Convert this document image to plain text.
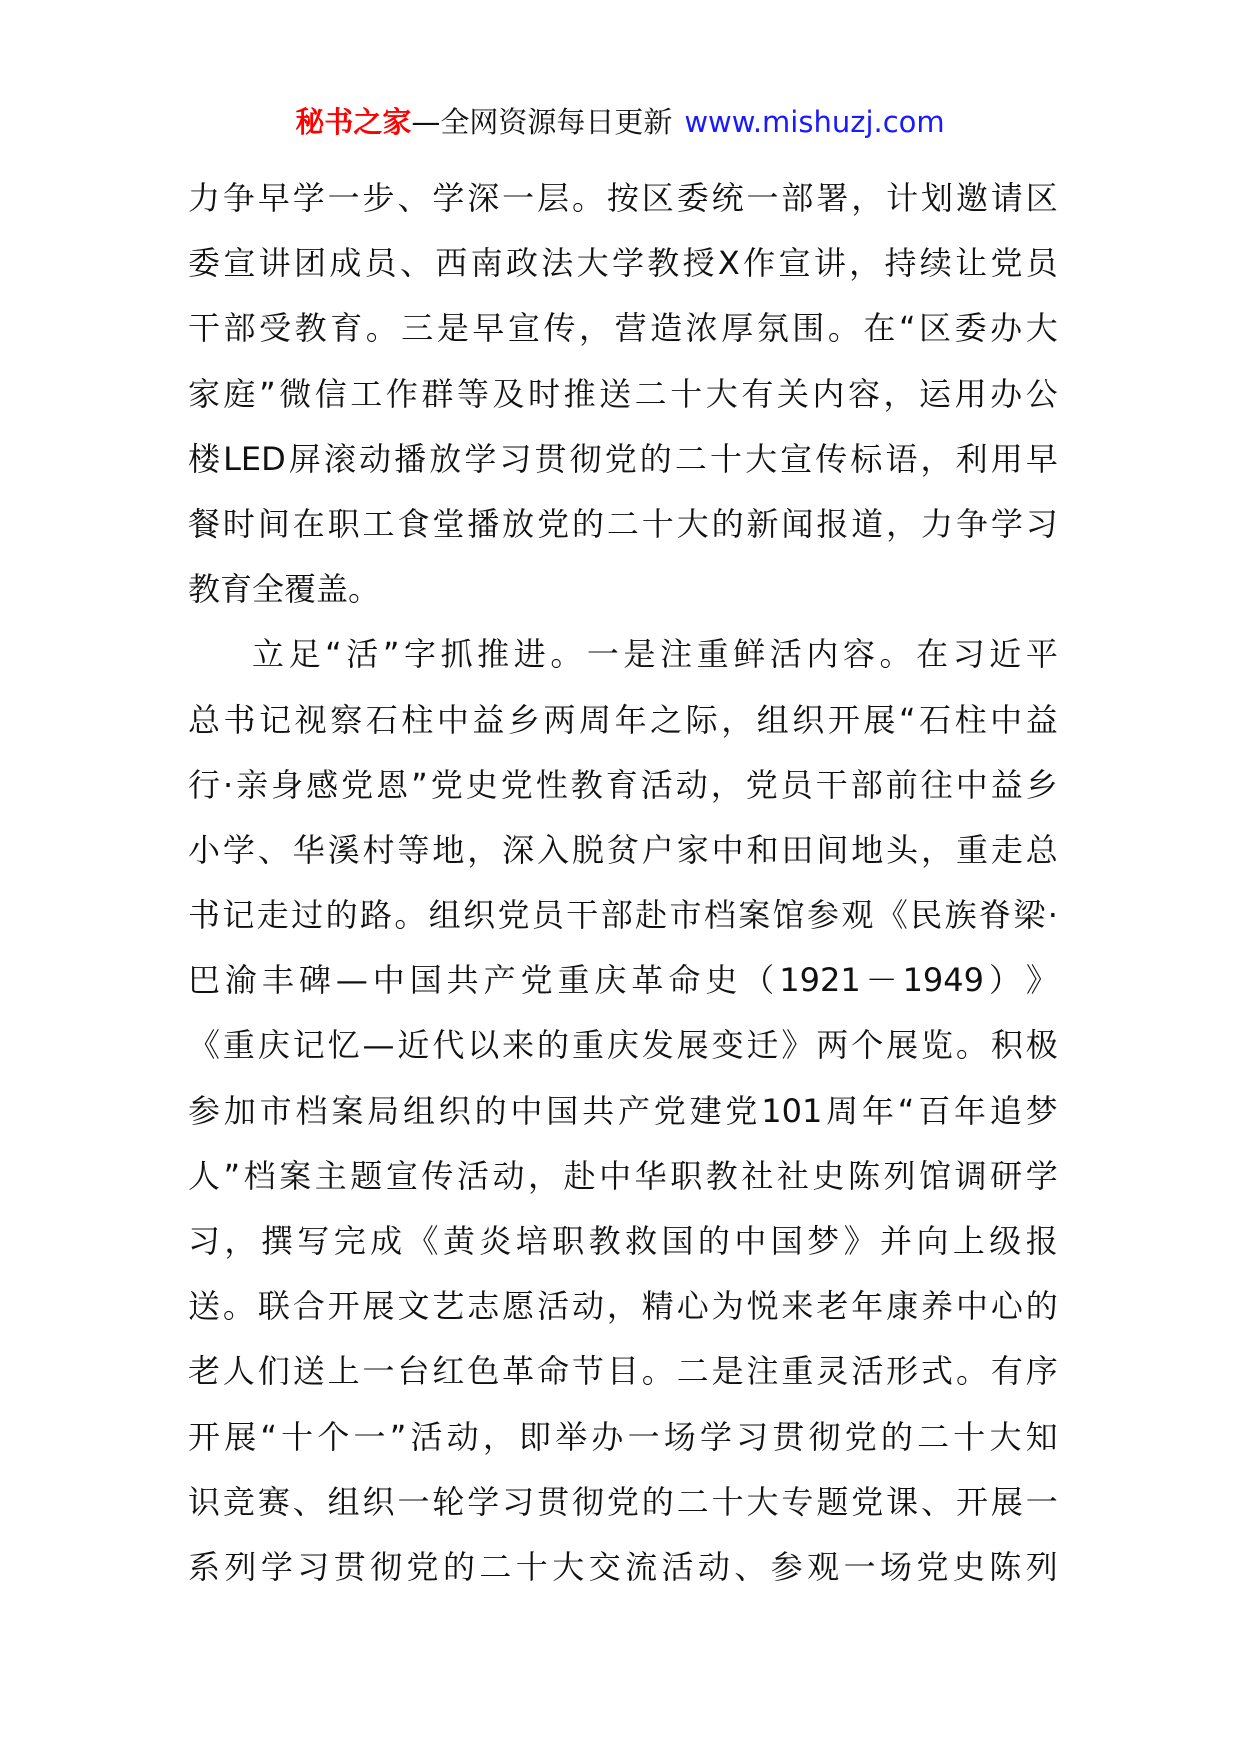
秘书之家—全网资源每日更新 www.mishuzj.com
力 争 早 学 一 步 、 学 深 一 层 。 按 区 委 统 一 部 署 ， 计 划 邀 请 区
委 宣 讲 团 成 员 、 西 南 政 法 大 学 教 授 X 作 宣 讲 ， 持 续 让 党 员
干 部 受 教 育 。 三 是 早 宣 传 ， 营 造 浓 厚 氛 围 。 在 “ 区 委 办 大
家 庭 ” 微 信 工 作 群 等 及 时 推 送 二 十 大 有 关 内 容 ， 运 用 办 公
楼 LED 屏 滚 动 播 放 学 习 贯 彻 党 的 二 十 大 宣 传 标 语 ， 利 用 早
餐 时 间 在 职 工 食 堂 播 放 党 的 二 十 大 的 新 闻 报 道 ， 力 争 学 习
教育全覆盖。
立 足 “ 活 ” 字 抓 推 进 。 一 是 注 重 鲜 活 内 容 。 在 习 近 平
总 书 记 视 察 石 柱 中 益 乡 两 周 年 之 际 ， 组 织 开 展 “ 石 柱 中 益
行 · 亲 身 感 党 恩 ” 党 史 党 性 教 育 活 动 ， 党 员 干 部 前 往 中 益 乡
小 学 、 华 溪 村 等 地 ， 深 入 脱 贫 户 家 中 和 田 间 地 头 ， 重 走 总
书 记 走 过 的 路 。 组 织 党 员 干 部 赴 市 档 案 馆 参 观 《 民 族 脊 梁 ·
巴 渝 丰 碑 — 中 国 共 产 党 重 庆 革 命 史 （ 1921 － 1949 ） 》
《 重 庆 记 忆 — 近 代 以 来 的 重 庆 发 展 变 迁 》 两 个 展 览 。 积 极
参 加 市 档 案 局 组 织 的 中 国 共 产 党 建 党 101 周 年 “ 百 年 追 梦
人 ” 档 案 主 题 宣 传 活 动 ， 赴 中 华 职 教 社 社 史 陈 列 馆 调 研 学
习 ， 撰 写 完 成 《 黄 炎 培 职 教 救 国 的 中 国 梦 》 并 向 上 级 报
送 。 联 合 开 展 文 艺 志 愿 活 动 ， 精 心 为 悦 来 老 年 康 养 中 心 的
老 人 们 送 上 一 台 红 色 革 命 节 目 。 二 是 注 重 灵 活 形 式 。 有 序
开 展 “ 十 个 一 ” 活 动 ， 即 举 办 一 场 学 习 贯 彻 党 的 二 十 大 知
识 竞 赛 、 组 织 一 轮 学 习 贯 彻 党 的 二 十 大 专 题 党 课 、 开 展 一
系 列 学 习 贯 彻 党 的 二 十 大 交 流 活 动 、 参 观 一 场 党 史 陈 列
